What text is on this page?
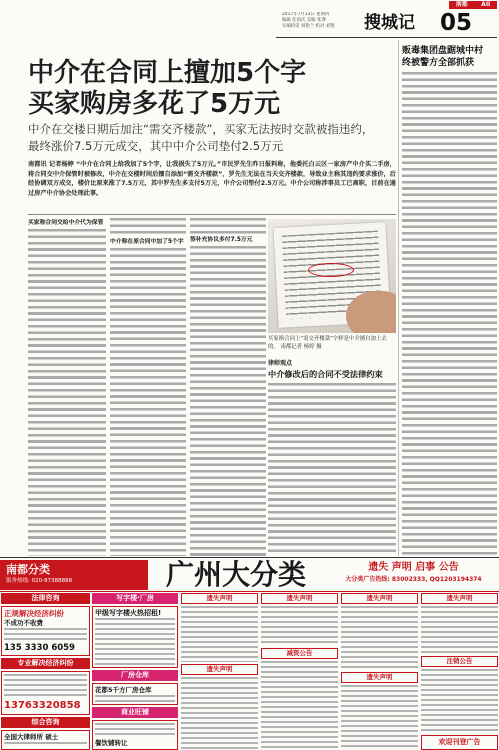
南都 AII
2017年7月13日 星期四
编辑 任国庆 美编 张博
实编检读 刘艳兰 校对 刘艳	搜城记 05
中介在合同上擅加5个字
买家购房多花了5万元
中介在交楼日期后加注“需交齐楼款”，买家无法按时交款被指违约，
最终涨价7.5万元成交，其中中介公司垫付2.5万元
南都讯 记者杨婷 “中介在合同上给我加了5个字，让我损失了5万元。”市民罗先生昨日报料称，他委托白云区一家房产中介买二手房，将合同交中介保管时被修改，中介在交楼时间后擅自添加“需交齐楼款”，罗先生无法在当天交齐楼款，导致业主称其违约要求涨价，后经协调双方成交，楼价比原来涨了7.5万元，其中罗先生多支付5万元，中介公司垫付2.5万元。中介公司称涉事员工已离职，目前在通过房产中介协会处理此事。
买家称合同交给中介代为保管
中介称在原合同中加了5个字	签补充协议多付7.5万元
买家指合同上“需交齐楼款”字样是中介擅自加上去的。 南都记者 杨婷 摄
律师观点
中介修改后的合同不受法律约束
贩毒集团盘踞城中村
终被警方全部抓获
南都分类
服务热线: 020-87388888	广州大分类	遗失 声明 启事 公告
大分类广告热线: 83002333, QQ1203194374
法律咨询
正规解决经济纠纷
不成功不收费
135 3330 6059
专业解决经济纠纷
13763320858
综合咨询
全国大律师所 硕士
写字楼·厂房
甲级写字楼火热招租!
厂房仓库
花都5千方厂房仓库
商业旺铺
餐饮铺转让
遗失声明
遗失声明
遗失声明
减资公告
遗失声明
遗失声明
遗失声明
注销公告
欢迎刊登广告
